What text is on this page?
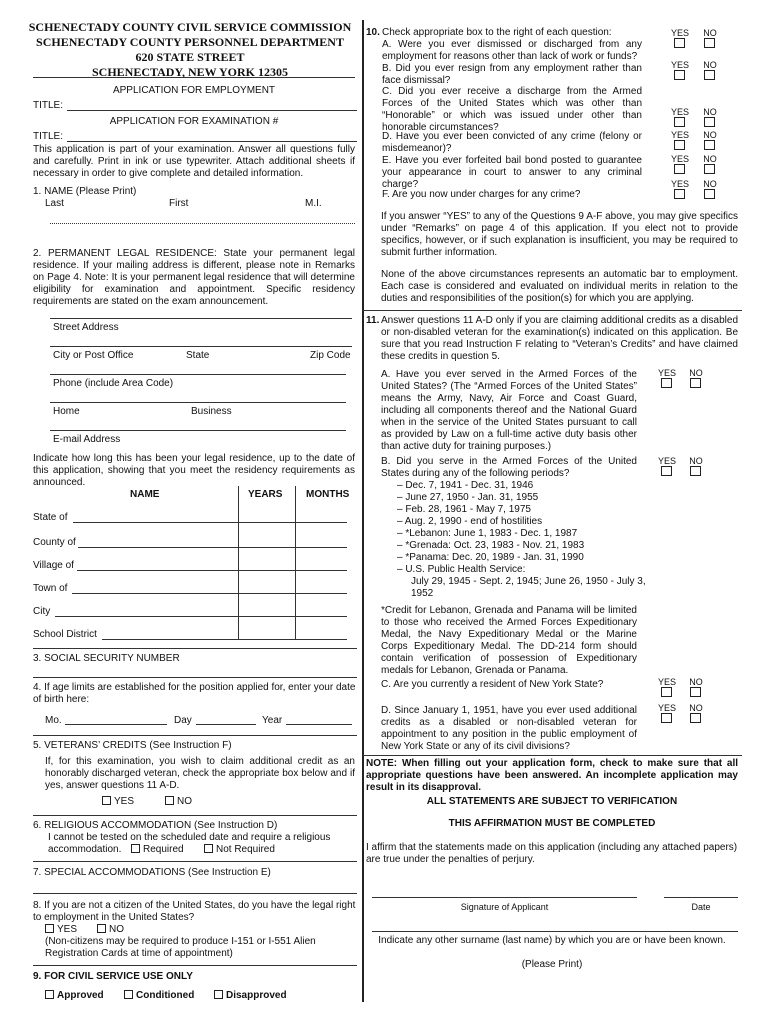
SCHENECTADY COUNTY CIVIL SERVICE COMMISSION
SCHENECTADY COUNTY PERSONNEL DEPARTMENT
620 STATE STREET
SCHENECTADY, NEW YORK 12305
APPLICATION FOR EMPLOYMENT
TITLE:
APPLICATION FOR EXAMINATION #
TITLE:
This application is part of your examination. Answer all questions fully and carefully. Print in ink or use typewriter. Attach additional sheets if necessary in order to give complete and detailed information.
1. NAME (Please Print)
Last	First	M.I.
2. PERMANENT LEGAL RESIDENCE: State your permanent legal residence. If your mailing address is different, please note in Remarks on Page 4. Note: It is your permanent legal residence that will determine eligibility for examination and appointment. Specific residency requirements are stated on the exam announcement.
Street Address
City or Post Office	State	Zip Code
Phone (include Area Code)
Home	Business
E-mail Address
Indicate how long this has been your legal residence, up to the date of this application, showing that you meet the residency requirements as announced.
NAME	YEARS MONTHS
State of
County of
Village of
Town of
City
School District
3. SOCIAL SECURITY NUMBER
4. If age limits are established for the position applied for, enter your date of birth here:
Mo.	Day	Year
5. VETERANS’ CREDITS (See Instruction F)
If, for this examination, you wish to claim additional credit as an honorably discharged veteran, check the appropriate box below and if yes, answer questions 11 A-D.
YES	NO
6. RELIGIOUS ACCOMMODATION (See Instruction D)
I cannot be tested on the scheduled date and require a religious accommodation.	Required	Not Required
7. SPECIAL ACCOMMODATIONS (See Instruction E)
8. If you are not a citizen of the United States, do you have the legal right to employment in the United States?
YES	NO
(Non-citizens may be required to produce I-151 or I-551 Alien Registration Cards at time of appointment)
9. FOR CIVIL SERVICE USE ONLY
Approved	Conditioned	Disapproved
10. Check appropriate box to the right of each question:
A. Were you ever dismissed or discharged from any employment for reasons other than lack of work or funds?
B. Did you ever resign from any employment rather than face dismissal?
C. Did you ever receive a discharge from the Armed Forces of the United States which was other than “Honorable” or which was issued under other than honorable circumstances?
D. Have you ever been convicted of any crime (felony or misdemeanor)?
E. Have you ever forfeited bail bond posted to guarantee your appearance in court to answer to any criminal charge?
F. Are you now under charges for any crime?
YES	NO
YES	NO
YES	NO
YES	NO
YES	NO
YES	NO
If you answer “YES” to any of the Questions 9 A-F above, you may give specifics under “Remarks” on page 4 of this application. If you elect not to provide specifics, however, or if such explanation is insufficient, you may be required to submit further information.
None of the above circumstances represents an automatic bar to employment. Each case is considered and evaluated on individual merits in relation to the duties and responsibilities of the position(s) for which you are applying.
11. Answer questions 11 A-D only if you are claiming additional credits as a disabled or non-disabled veteran for the examination(s) indicated on this application. Be sure that you read Instruction F relating to “Veteran’s Credits” and have claimed these credits in question 5.
A. Have you ever served in the Armed Forces of the United States? (The “Armed Forces of the United States” means the Army, Navy, Air Force and Coast Guard, including all components thereof and the National Guard when in the service of the United States pursuant to call as provided by Law on a full-time active duty basis other than active duty for training purposes.)
YES	NO
B. Did you serve in the Armed Forces of the United States during any of the following periods?
YES	NO
– Dec. 7, 1941 - Dec. 31, 1946
– June 27, 1950 - Jan. 31, 1955
– Feb. 28, 1961 - May 7, 1975
– Aug. 2, 1990 - end of hostilities
– *Lebanon: June 1, 1983 - Dec. 1, 1987
– *Grenada: Oct. 23, 1983 - Nov. 21, 1983
– *Panama: Dec. 20, 1989 - Jan. 31, 1990
– U.S. Public Health Service:
July 29, 1945 - Sept. 2, 1945; June 26, 1950 - July 3, 1952
*Credit for Lebanon, Grenada and Panama will be limited to those who received the Armed Forces Expeditionary Medal, the Navy Expeditionary Medal or the Marine Corps Expeditionary Medal. The DD-214 form should contain verification of possession of Expeditionary medals for Lebanon, Grenada or Panama.
C. Are you currently a resident of New York State?	YES	NO
D. Since January 1, 1951, have you ever used additional credits as a disabled or non-disabled veteran for appointment to any position in the public employment of New York State or any of its civil divisions?
YES	NO
NOTE: When filling out your application form, check to make sure that all appropriate questions have been answered. An incomplete application may result in its disapproval.
ALL STATEMENTS ARE SUBJECT TO VERIFICATION
THIS AFFIRMATION MUST BE COMPLETED
I affirm that the statements made on this application (including any attached papers) are true under the penalties of perjury.
Signature of Applicant	Date
Indicate any other surname (last name) by which you are or have been known.
(Please Print)
